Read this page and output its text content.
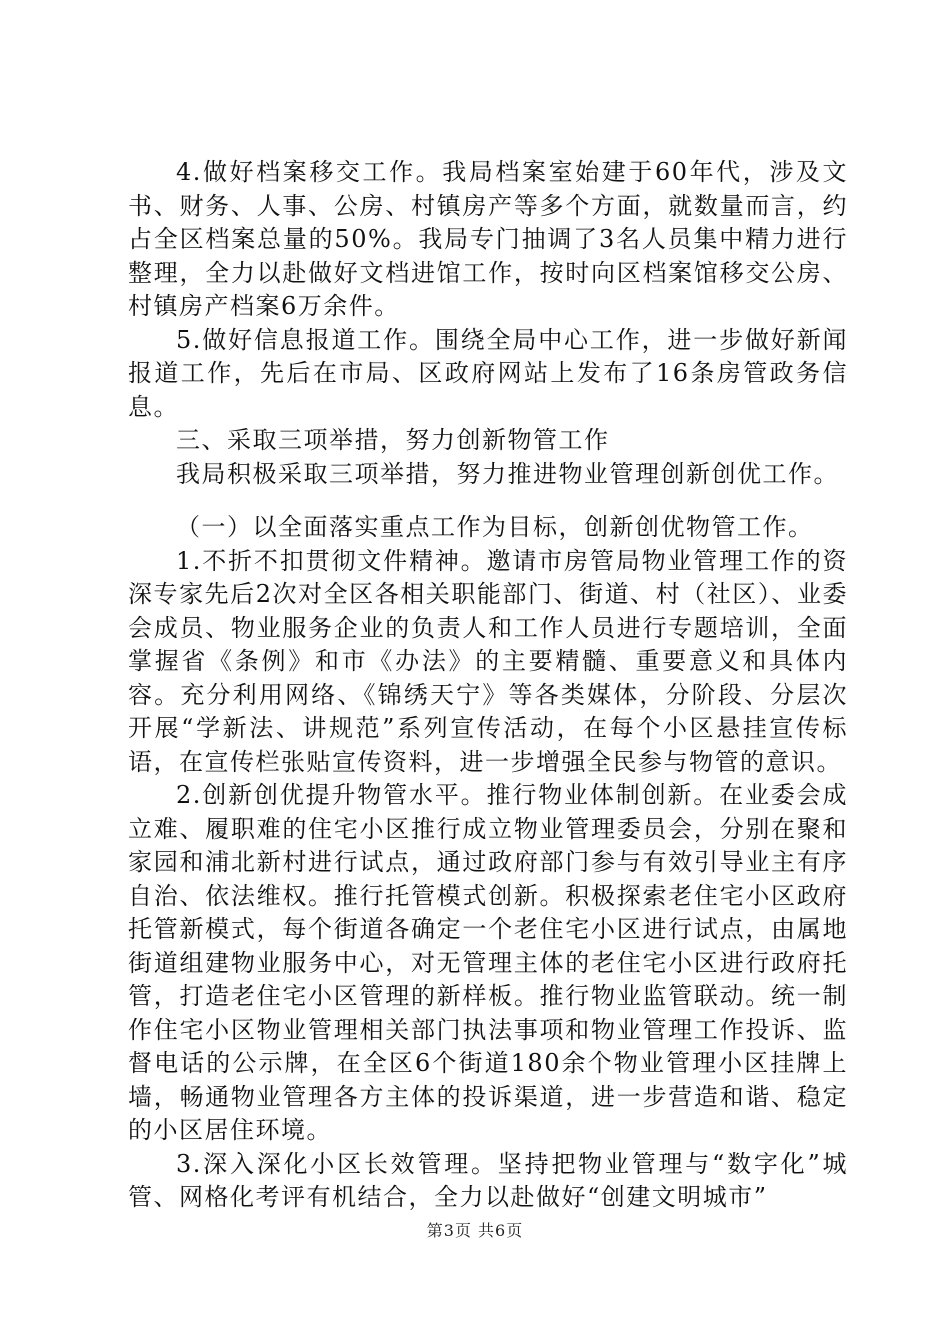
4.做好档案移交工作。我局档案室始建于60年代，涉及文书、财务、人事、公房、村镇房产等多个方面，就数量而言，约占全区档案总量的50%。我局专门抽调了3名人员集中精力进行整理，全力以赴做好文档进馆工作，按时向区档案馆移交公房、村镇房产档案6万余件。

5.做好信息报道工作。围绕全局中心工作，进一步做好新闻报道工作，先后在市局、区政府网站上发布了16条房管政务信息。

三、采取三项举措，努力创新物管工作

我局积极采取三项举措，努力推进物业管理创新创优工作。

（一）以全面落实重点工作为目标，创新创优物管工作。

1.不折不扣贯彻文件精神。邀请市房管局物业管理工作的资深专家先后2次对全区各相关职能部门、街道、村（社区）、业委会成员、物业服务企业的负责人和工作人员进行专题培训，全面掌握省《条例》和市《办法》的主要精髓、重要意义和具体内容。充分利用网络、《锦绣天宁》等各类媒体，分阶段、分层次开展“学新法、讲规范”系列宣传活动，在每个小区悬挂宣传标语，在宣传栏张贴宣传资料，进一步增强全民参与物管的意识。

2.创新创优提升物管水平。推行物业体制创新。在业委会成立难、履职难的住宅小区推行成立物业管理委员会，分别在聚和家园和浦北新村进行试点，通过政府部门参与有效引导业主有序自治、依法维权。推行托管模式创新。积极探索老住宅小区政府托管新模式，每个街道各确定一个老住宅小区进行试点，由属地街道组建物业服务中心，对无管理主体的老住宅小区进行政府托管，打造老住宅小区管理的新样板。推行物业监管联动。统一制作住宅小区物业管理相关部门执法事项和物业管理工作投诉、监督电话的公示牌，在全区6个街道180余个物业管理小区挂牌上墙，畅通物业管理各方主体的投诉渠道，进一步营造和谐、稳定的小区居住环境。

3.深入深化小区长效管理。坚持把物业管理与“数字化”城管、网格化考评有机结合，全力以赴做好“创建文明城市”

第3页 共6页
